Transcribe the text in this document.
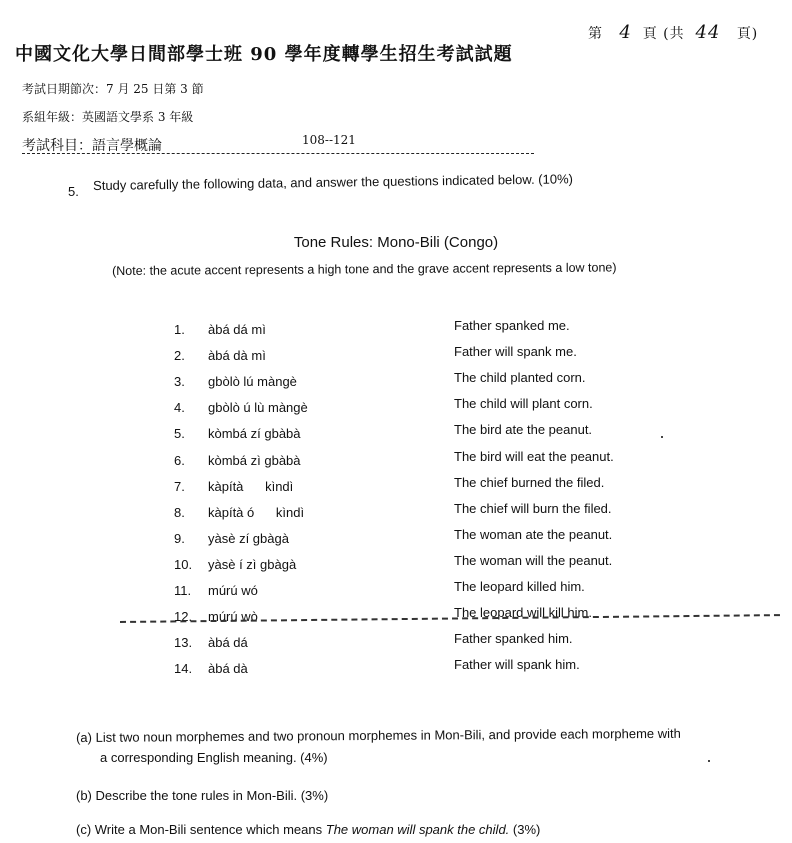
第 4 頁 (共 44 頁)
中國文化大學日間部學士班 90 學年度轉學生招生考試試題
考試日期節次：7 月 25 日第 3 節
系組年級：英國語文學系 3 年級
考試科目：語言學概論	108--121
5. Study carefully the following data, and answer the questions indicated below. (10%)
Tone Rules: Mono-Bili (Congo)
(Note: the acute accent represents a high tone and the grave accent represents a low tone)
1.	àbá dá mì	Father spanked me.
2.	àbá dà mì	Father will spank me.
3.	gbòlò lú màngè	The child planted corn.
4.	gbòlò ú lù màngè	The child will plant corn.
5.	kòmbá zí gbàbà	The bird ate the peanut.
6.	kòmbá zì gbàbà	The bird will eat the peanut.
7.	kàpítà      kìndì	The chief burned the filed.
8.	kàpítà ó      kìndì	The chief will burn the filed.
9.	yàsè zí gbàgà	The woman ate the peanut.
10.	yàsè í zì gbàgà	The woman will the peanut.
11.	múrú wó	The leopard killed him.
12.	múrú wò	The leopard will kill him.
13.	àbá dá	Father spanked him.
14.	àbá dà	Father will spank him.
(a) List two noun morphemes and two pronoun morphemes in Mon-Bili, and provide each morpheme with
a corresponding English meaning. (4%)
(b) Describe the tone rules in Mon-Bili. (3%)
(c) Write a Mon-Bili sentence which means The woman will spank the child. (3%)
